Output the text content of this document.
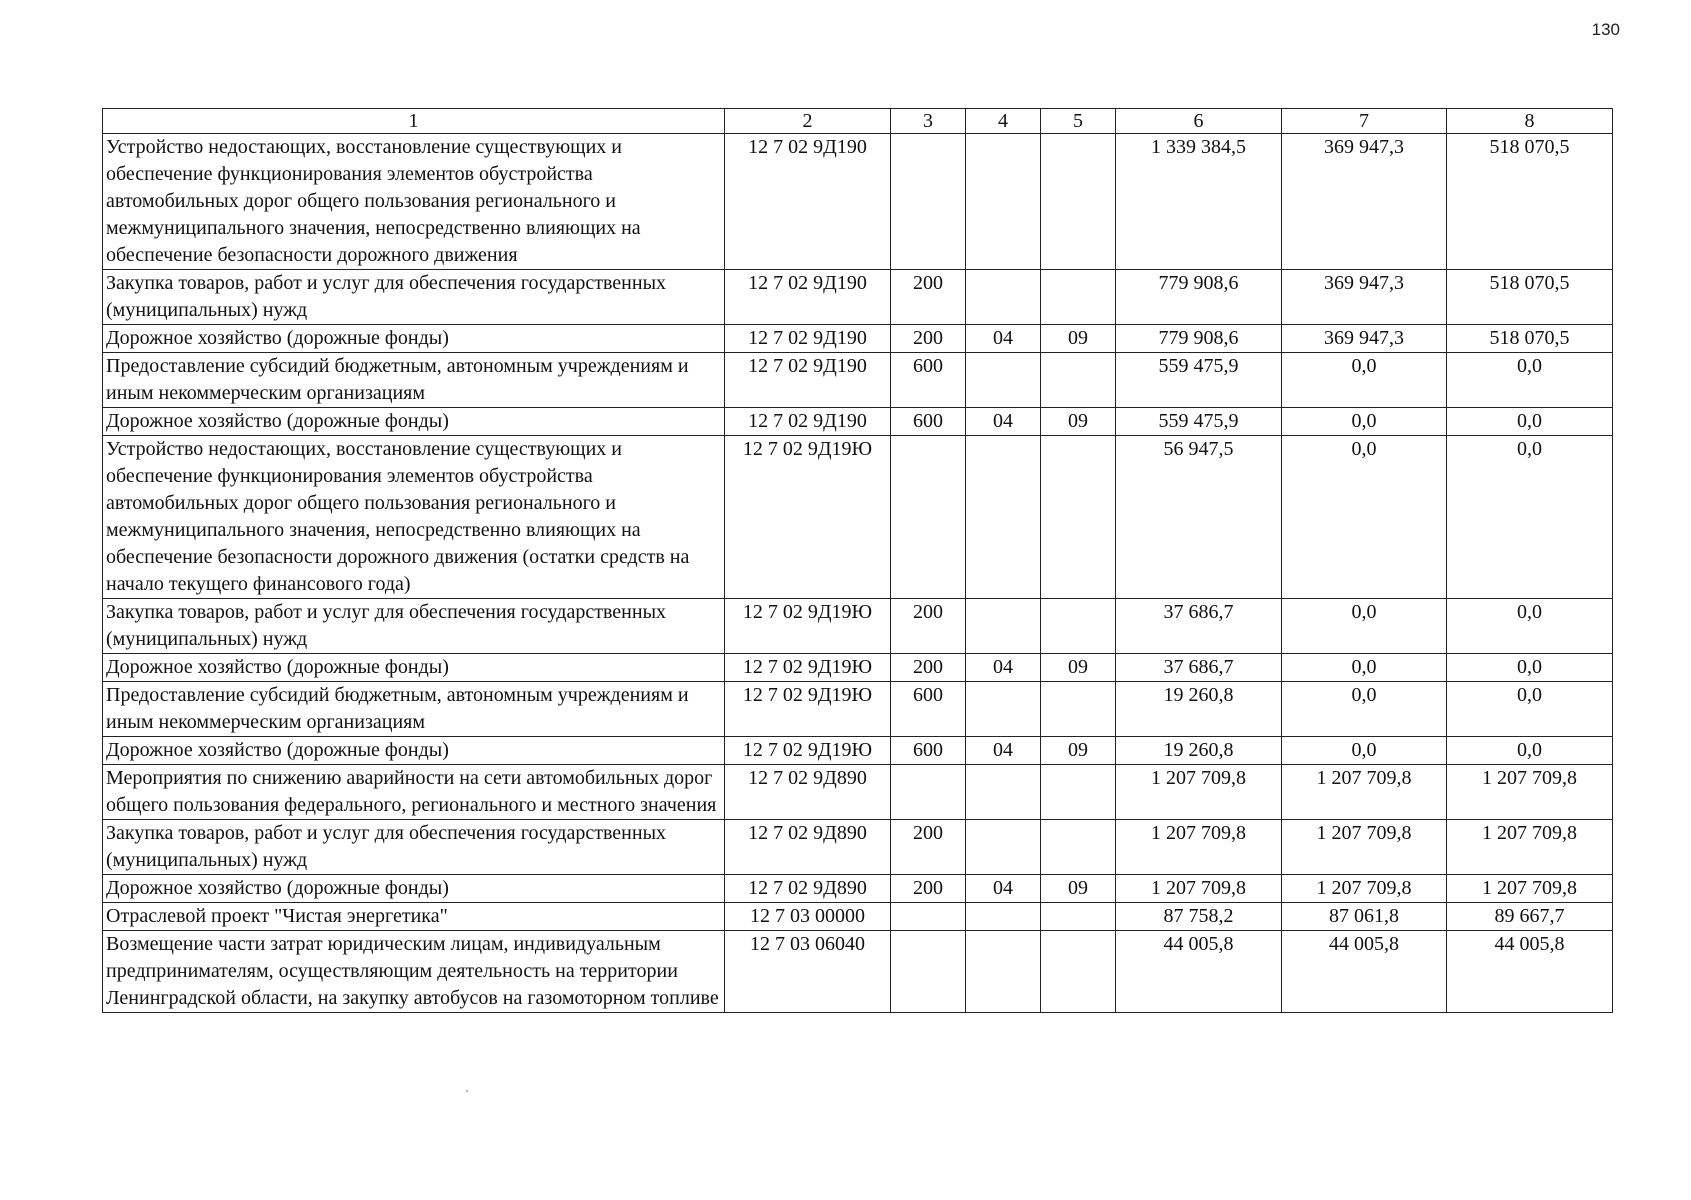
130
1	2	3	4	5	6	7	8
Устройство недостающих, восстановление существующих и обеспечение функционирования элементов обустройства автомобильных дорог общего пользования регионального и межмуниципального значения, непосредственно влияющих на обеспечение безопасности дорожного движения	12 7 02 9Д190				1 339 384,5	369 947,3	518 070,5
Закупка товаров, работ и услуг для обеспечения государственных (муниципальных) нужд	12 7 02 9Д190	200			779 908,6	369 947,3	518 070,5
Дорожное хозяйство (дорожные фонды)	12 7 02 9Д190	200	04	09	779 908,6	369 947,3	518 070,5
Предоставление субсидий бюджетным, автономным учреждениям и иным некоммерческим организациям	12 7 02 9Д190	600			559 475,9	0,0	0,0
Дорожное хозяйство (дорожные фонды)	12 7 02 9Д190	600	04	09	559 475,9	0,0	0,0
Устройство недостающих, восстановление существующих и обеспечение функционирования элементов обустройства автомобильных дорог общего пользования регионального и межмуниципального значения, непосредственно влияющих на обеспечение безопасности дорожного движения (остатки средств на начало текущего финансового года)	12 7 02 9Д19Ю				56 947,5	0,0	0,0
Закупка товаров, работ и услуг для обеспечения государственных (муниципальных) нужд	12 7 02 9Д19Ю	200			37 686,7	0,0	0,0
Дорожное хозяйство (дорожные фонды)	12 7 02 9Д19Ю	200	04	09	37 686,7	0,0	0,0
Предоставление субсидий бюджетным, автономным учреждениям и иным некоммерческим организациям	12 7 02 9Д19Ю	600			19 260,8	0,0	0,0
Дорожное хозяйство (дорожные фонды)	12 7 02 9Д19Ю	600	04	09	19 260,8	0,0	0,0
Мероприятия по снижению аварийности на сети автомобильных дорог общего пользования федерального, регионального и местного значения	12 7 02 9Д890				1 207 709,8	1 207 709,8	1 207 709,8
Закупка товаров, работ и услуг для обеспечения государственных (муниципальных) нужд	12 7 02 9Д890	200			1 207 709,8	1 207 709,8	1 207 709,8
Дорожное хозяйство (дорожные фонды)	12 7 02 9Д890	200	04	09	1 207 709,8	1 207 709,8	1 207 709,8
Отраслевой проект "Чистая энергетика"	12 7 03 00000				87 758,2	87 061,8	89 667,7
Возмещение части затрат юридическим лицам, индивидуальным предпринимателям, осуществляющим деятельность на территории Ленинградской области, на закупку автобусов на газомоторном топливе	12 7 03 06040				44 005,8	44 005,8	44 005,8
